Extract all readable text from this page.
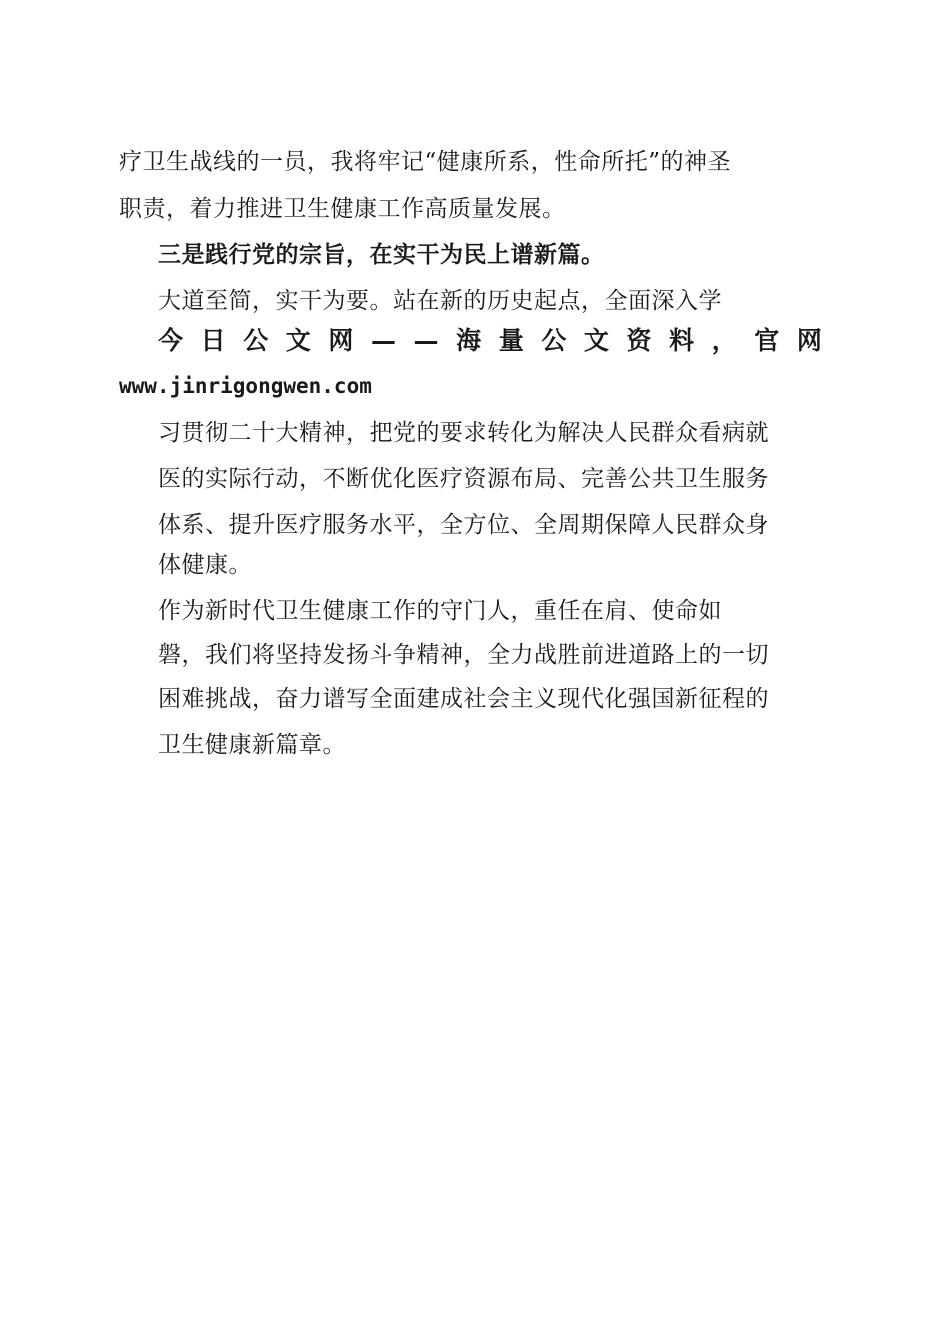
疗卫生战线的一员，我将牢记“健康所系，性命所托”的神圣
职责，着力推进卫生健康工作高质量发展。
三是践行党的宗旨，在实干为民上谱新篇。
大道至简，实干为要。站在新的历史起点，全面深入学
今 日 公 文 网 — — 海 量 公 文 资 料 ， 官 网
www.jinrigongwen.com
习贯彻二十大精神，把党的要求转化为解决人民群众看病就
医的实际行动，不断优化医疗资源布局、完善公共卫生服务
体系、提升医疗服务水平，全方位、全周期保障人民群众身
体健康。
作为新时代卫生健康工作的守门人，重任在肩、使命如
磐，我们将坚持发扬斗争精神，全力战胜前进道路上的一切
困难挑战，奋力谱写全面建成社会主义现代化强国新征程的
卫生健康新篇章。
